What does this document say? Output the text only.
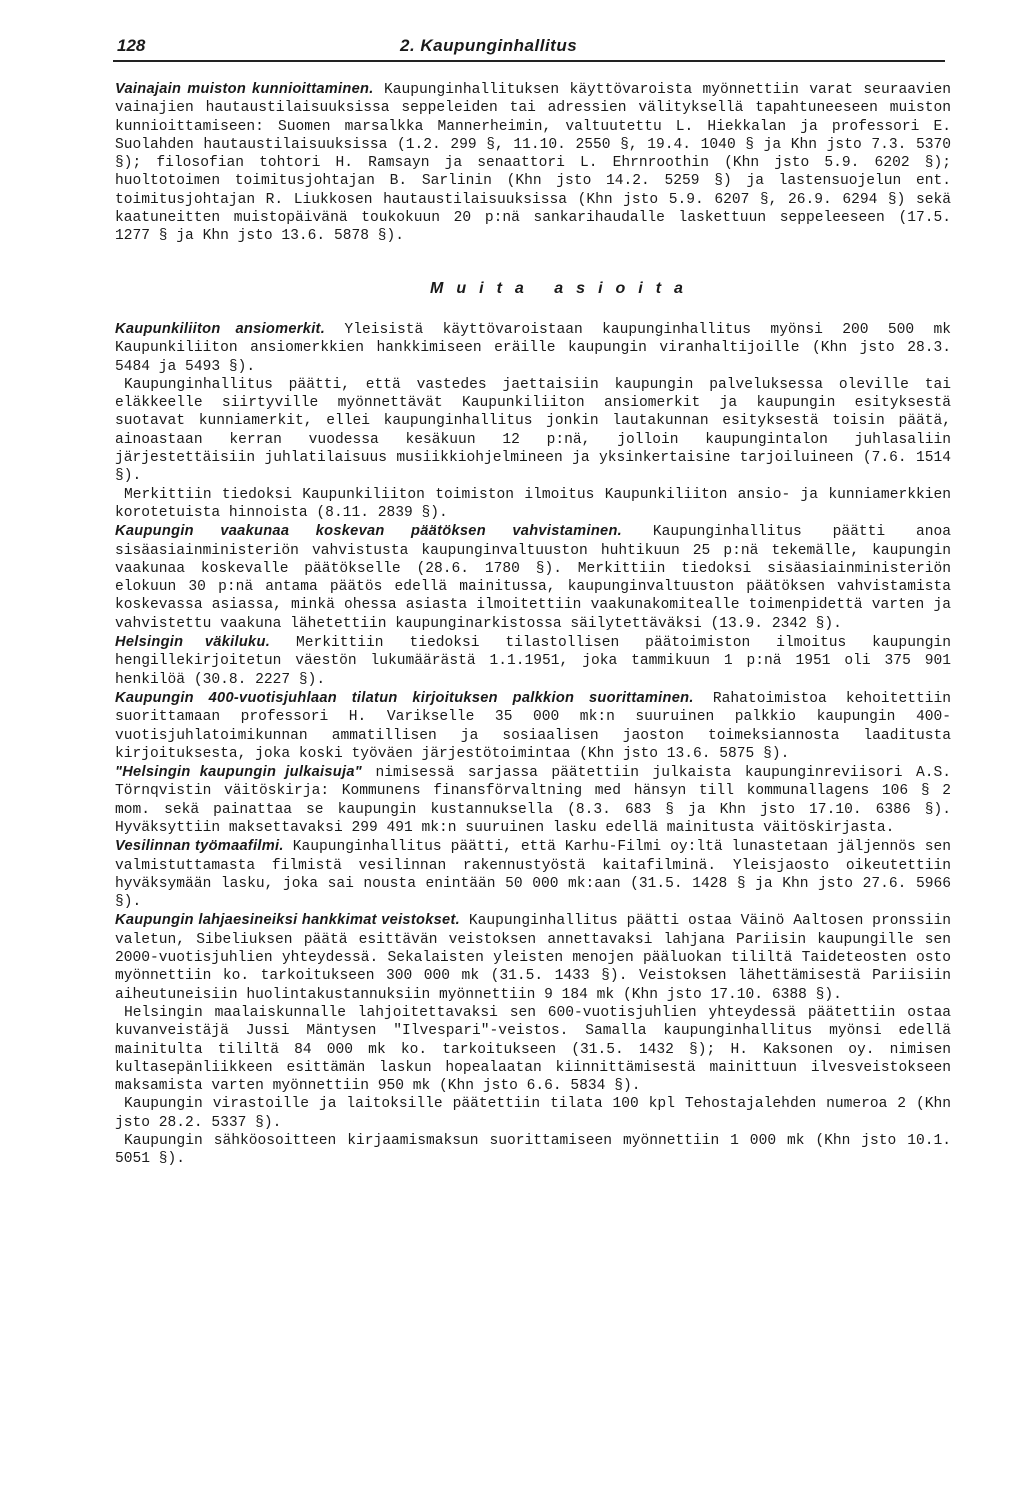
128	2. Kaupunginhallitus

Vainajain muiston kunnioittaminen. Kaupunginhallituksen käyttövaroista myönnettiin varat seuraavien vainajien hautaustilaisuuksissa seppeleiden tai adressien välityksellä tapahtuneeseen muiston kunnioittamiseen: Suomen marsalkka Mannerheimin, valtuutettu L. Hiekkalan ja professori E. Suolahden hautaustilaisuuksissa (1.2. 299 §, 11.10. 2550 §, 19.4. 1040 § ja Khn jsto 7.3. 5370 §); filosofian tohtori H. Ramsayn ja senaattori L. Ehrnroothin (Khn jsto 5.9. 6202 §); huoltotoimen toimitusjohtajan B. Sarlinin (Khn jsto 14.2. 5259 §) ja lastensuojelun ent. toimitusjohtajan R. Liukkosen hautaustilaisuuksissa (Khn jsto 5.9. 6207 §, 26.9. 6294 §) sekä kaatuneitten muistopäivänä toukokuun 20 p:nä sankarihaudalle laskettuun seppeleeseen (17.5. 1277 § ja Khn jsto 13.6. 5878 §).

Muita asioita

Kaupunkiliiton ansiomerkit. Yleisistä käyttövaroistaan kaupunginhallitus myönsi 200 500 mk Kaupunkiliiton ansiomerkkien hankkimiseen eräille kaupungin viranhaltijoille (Khn jsto 28.3. 5484 ja 5493 §).

Kaupunginhallitus päätti, että vastedes jaettaisiin kaupungin palveluksessa oleville tai eläkkeelle siirtyville myönnettävät Kaupunkiliiton ansiomerkit ja kaupungin esityksestä suotavat kunniamerkit, ellei kaupunginhallitus jonkin lautakunnan esityksestä toisin päätä, ainoastaan kerran vuodessa kesäkuun 12 p:nä, jolloin kaupungintalon juhlasaliin järjestettäisiin juhlatilaisuus musiikkiohjelmineen ja yksinkertaisine tarjoiluineen (7.6. 1514 §).

Merkittiin tiedoksi Kaupunkiliiton toimiston ilmoitus Kaupunkiliiton ansio- ja kunniamerkkien korotetuista hinnoista (8.11. 2839 §).

Kaupungin vaakunaa koskevan päätöksen vahvistaminen. Kaupunginhallitus päätti anoa sisäasiainministeriön vahvistusta kaupunginvaltuuston huhtikuun 25 p:nä tekemälle, kaupungin vaakunaa koskevalle päätökselle (28.6. 1780 §). Merkittiin tiedoksi sisäasiainministeriön elokuun 30 p:nä antama päätös edellä mainitussa, kaupunginvaltuuston päätöksen vahvistamista koskevassa asiassa, minkä ohessa asiasta ilmoitettiin vaakunakomitealle toimenpidettä varten ja vahvistettu vaakuna lähetettiin kaupunginarkistossa säilytettäväksi (13.9. 2342 §).

Helsingin väkiluku. Merkittiin tiedoksi tilastollisen päätoimiston ilmoitus kaupungin hengillekirjoitetun väestön lukumäärästä 1.1.1951, joka tammikuun 1 p:nä 1951 oli 375 901 henkilöä (30.8. 2227 §).

Kaupungin 400-vuotisjuhlaan tilatun kirjoituksen palkkion suorittaminen. Rahatoimistoa kehoitettiin suorittamaan professori H. Varikselle 35 000 mk:n suuruinen palkkio kaupungin 400-vuotisjuhlatoimikunnan ammatillisen ja sosiaalisen jaoston toimeksiannosta laaditusta kirjoituksesta, joka koski työväen järjestötoimintaa (Khn jsto 13.6. 5875 §).

"Helsingin kaupungin julkaisuja" nimisessä sarjassa päätettiin julkaista kaupunginreviisori A.S. Törnqvistin väitöskirja: Kommunens finansförvaltning med hänsyn till kommunallagens 106 § 2 mom. sekä painattaa se kaupungin kustannuksella (8.3. 683 § ja Khn jsto 17.10. 6386 §). Hyväksyttiin maksettavaksi 299 491 mk:n suuruinen lasku edellä mainitusta väitöskirjasta.

Vesilinnan työmaafilmi. Kaupunginhallitus päätti, että Karhu-Filmi oy:ltä lunastetaan jäljennös sen valmistuttamasta filmistä vesilinnan rakennustyöstä kaitafilminä. Yleisjaosto oikeutettiin hyväksymään lasku, joka sai nousta enintään 50 000 mk:aan (31.5. 1428 § ja Khn jsto 27.6. 5966 §).

Kaupungin lahjaesineiksi hankkimat veistokset. Kaupunginhallitus päätti ostaa Väinö Aaltosen pronssiin valetun, Sibeliuksen päätä esittävän veistoksen annettavaksi lahjana Pariisin kaupungille sen 2000-vuotisjuhlien yhteydessä. Sekalaisten yleisten menojen pääluokan tililtä Taideteosten osto myönnettiin ko. tarkoitukseen 300 000 mk (31.5. 1433 §). Veistoksen lähettämisestä Pariisiin aiheutuneisiin huolintakustannuksiin myönnettiin 9 184 mk (Khn jsto 17.10. 6388 §).

Helsingin maalaiskunnalle lahjoitettavaksi sen 600-vuotisjuhlien yhteydessä päätettiin ostaa kuvanveistäjä Jussi Mäntysen "Ilvespari"-veistos. Samalla kaupunginhallitus myönsi edellä mainitulta tililtä 84 000 mk ko. tarkoitukseen (31.5. 1432 §); H. Kaksonen oy. nimisen kultasepänliikkeen esittämän laskun hopealaatan kiinnittämisestä mainittuun ilvesveistokseen maksamista varten myönnettiin 950 mk (Khn jsto 6.6. 5834 §).

Kaupungin virastoille ja laitoksille päätettiin tilata 100 kpl Tehostajalehden numeroa 2 (Khn jsto 28.2. 5337 §).

Kaupungin sähköosoitteen kirjaamismaksun suorittamiseen myönnettiin 1 000 mk (Khn jsto 10.1. 5051 §).
